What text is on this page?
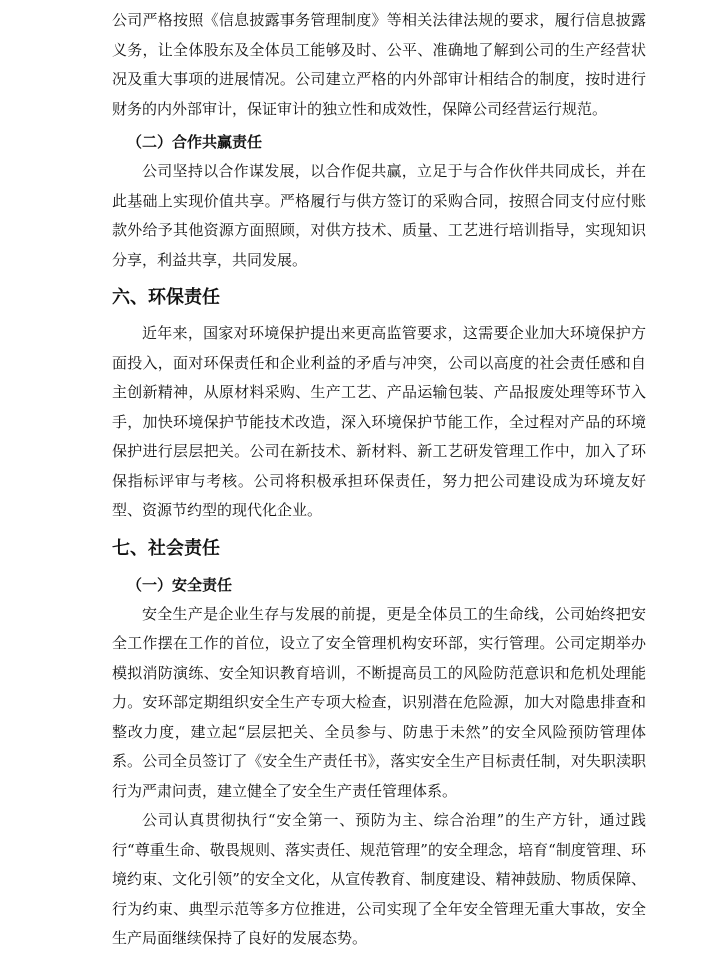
公司严格按照《信息披露事务管理制度》等相关法律法规的要求，履行信息披露义务，让全体股东及全体员工能够及时、公平、准确地了解到公司的生产经营状况及重大事项的进展情况。公司建立严格的内外部审计相结合的制度，按时进行财务的内外部审计，保证审计的独立性和成效性，保障公司经营运行规范。

（二）合作共赢责任

公司坚持以合作谋发展，以合作促共赢，立足于与合作伙伴共同成长，并在此基础上实现价值共享。严格履行与供方签订的采购合同，按照合同支付应付账款外给予其他资源方面照顾，对供方技术、质量、工艺进行培训指导，实现知识分享，利益共享，共同发展。

六、环保责任

近年来，国家对环境保护提出来更高监管要求，这需要企业加大环境保护方面投入，面对环保责任和企业利益的矛盾与冲突，公司以高度的社会责任感和自主创新精神，从原材料采购、生产工艺、产品运输包装、产品报废处理等环节入手，加快环境保护节能技术改造，深入环境保护节能工作，全过程对产品的环境保护进行层层把关。公司在新技术、新材料、新工艺研发管理工作中，加入了环保指标评审与考核。公司将积极承担环保责任，努力把公司建设成为环境友好型、资源节约型的现代化企业。

七、社会责任

（一）安全责任

安全生产是企业生存与发展的前提，更是全体员工的生命线，公司始终把安全工作摆在工作的首位，设立了安全管理机构安环部，实行管理。公司定期举办模拟消防演练、安全知识教育培训，不断提高员工的风险防范意识和危机处理能力。安环部定期组织安全生产专项大检查，识别潜在危险源，加大对隐患排查和整改力度，建立起“层层把关、全员参与、防患于未然”的安全风险预防管理体系。公司全员签订了《安全生产责任书》，落实安全生产目标责任制，对失职渎职行为严肃问责，建立健全了安全生产责任管理体系。

公司认真贯彻执行“安全第一、预防为主、综合治理”的生产方针，通过践行“尊重生命、敬畏规则、落实责任、规范管理”的安全理念，培育“制度管理、环境约束、文化引领”的安全文化，从宣传教育、制度建设、精神鼓励、物质保障、行为约束、典型示范等多方位推进，公司实现了全年安全管理无重大事故，安全生产局面继续保持了良好的发展态势。
